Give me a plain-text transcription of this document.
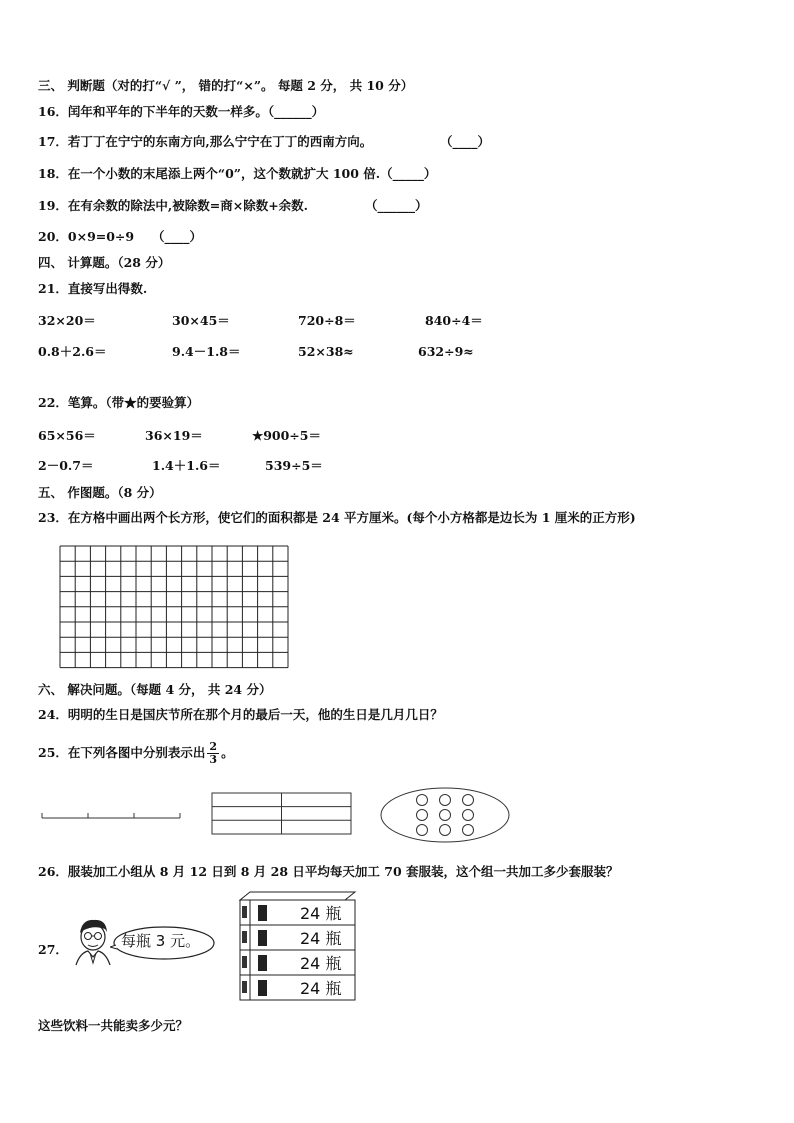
三、 判断题（对的打“√ ”， 错的打“×”。 每题 2 分， 共 10 分）
16．闰年和平年的下半年的天数一样多。（______）
17．若丁丁在宁宁的东南方向,那么宁宁在丁丁的西南方向。	（____）
18．在一个小数的末尾添上两个“0”，这个数就扩大 100 倍.（_____）
19．在有余数的除法中,被除数=商×除数+余数.	（______）
20．0×9=0÷9 （____）
四、 计算题。（28 分）
21．直接写出得数.
32×20＝	30×45＝	720÷8＝	840÷4＝
0.8＋2.6＝	9.4－1.8＝	52×38≈	632÷9≈
22．笔算。（带★的要验算）
65×56＝	36×19＝	★900÷5＝
2－0.7＝	1.4＋1.6＝	539÷5＝
五、 作图题。（8 分）
23．在方格中画出两个长方形，使它们的面积都是 24 平方厘米。(每个小方格都是边长为 1 厘米的正方形)
六、 解决问题。（每题 4 分， 共 24 分）
24．明明的生日是国庆节所在那个月的最后一天，他的生日是几月几日？
25．在下列各图中分别表示出 $\frac{2}{3}$ 。
26．服装加工小组从 8 月 12 日到 8 月 28 日平均每天加工 70 套服装，这个组一共加工多少套服装？
27．	每瓶 3 元。
24 瓶
24 瓶
24 瓶
24 瓶
这些饮料一共能卖多少元？
